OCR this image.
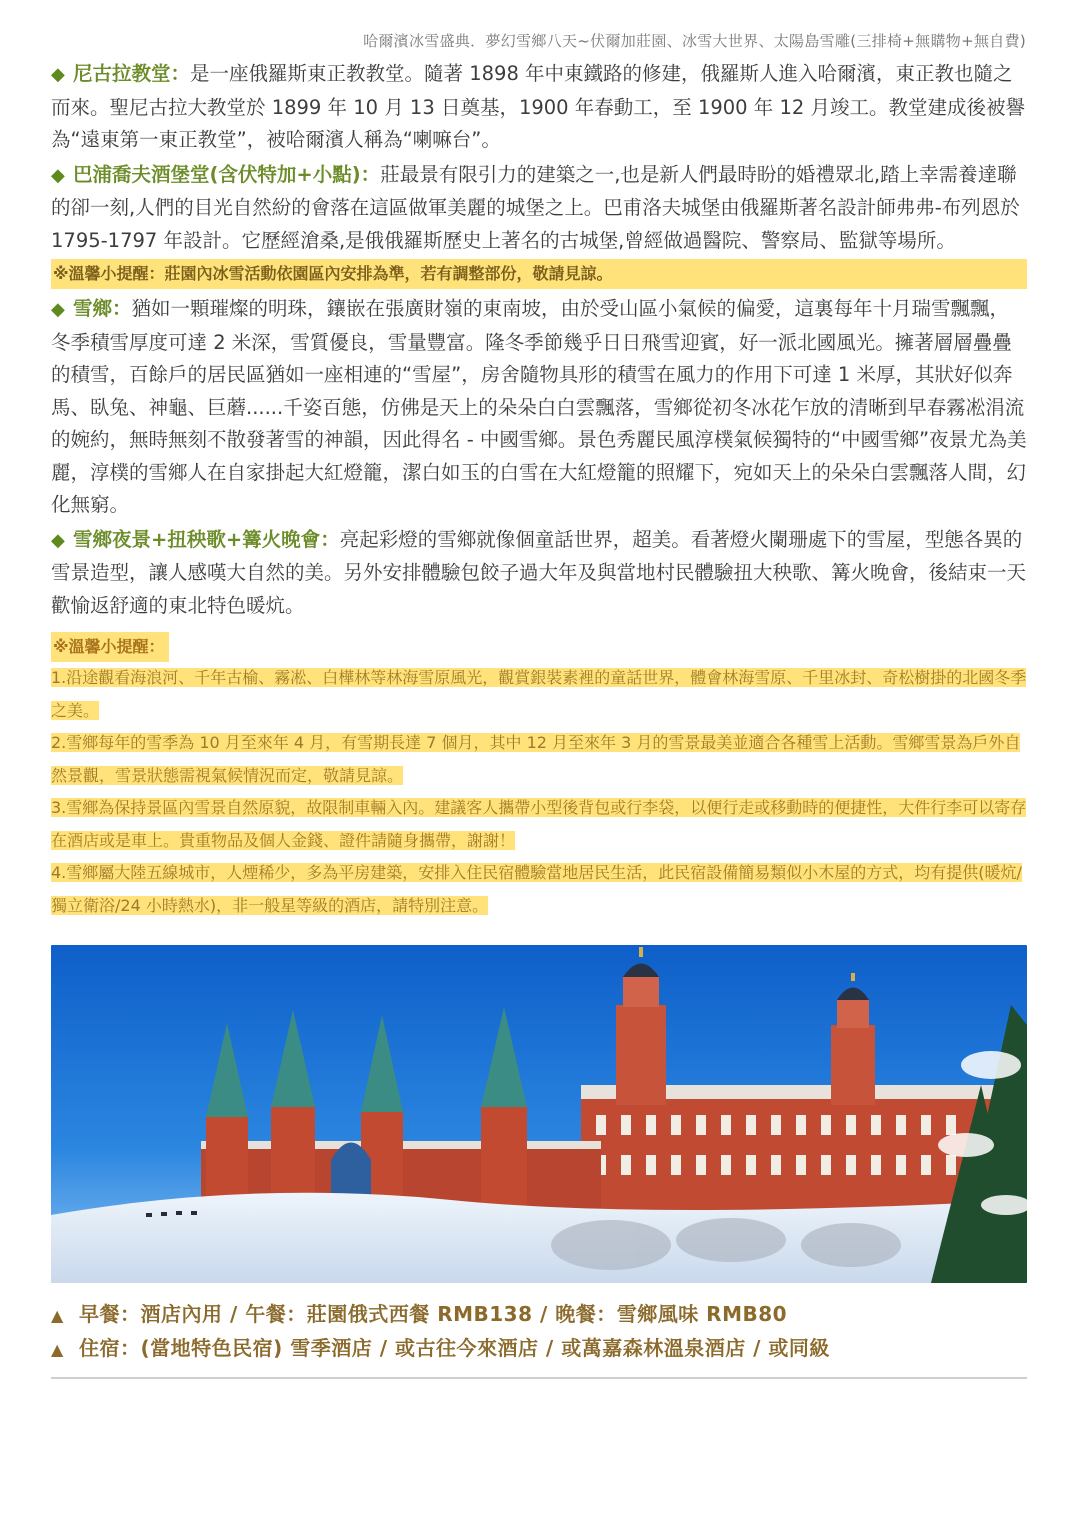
哈爾濱冰雪盛典．夢幻雪鄉八天~伏爾加莊園、冰雪大世界、太陽島雪雕(三排椅+無購物+無自費)
◆ 尼古拉教堂：是一座俄羅斯東正教教堂。隨著 1898 年中東鐵路的修建，俄羅斯人進入哈爾濱，東正教也隨之而來。聖尼古拉大教堂於 1899 年 10 月 13 日奠基，1900 年春動工，至 1900 年 12 月竣工。教堂建成後被譽為“遠東第一東正教堂”，被哈爾濱人稱為“喇嘛台”。
◆ 巴浦喬夫酒堡堂(含伏特加+小點)：莊最景有限引力的建築之一,也是新人們最時盼的婚禮眾北,踏上幸需養達聯的卻一刻,人們的目光自然紛的會落在這區做軍美麗的城堡之上。巴甫洛夫城堡由俄羅斯著名設計師弗弗-布列恩於 1795-1797 年設計。它歷經滄桑,是俄俄羅斯歷史上著名的古城堡,曾經做過醫院、警察局、監獄等場所。
※溫馨小提醒：莊園內冰雪活動依園區內安排為準，若有調整部份，敬請見諒。
◆ 雪鄉：猶如一顆璀燦的明珠，鑲嵌在張廣財嶺的東南坡，由於受山區小氣候的偏愛，這裏每年十月瑞雪飄飄，冬季積雪厚度可達 2 米深，雪質優良，雪量豐富。隆冬季節幾乎日日飛雪迎賓，好一派北國風光。擁著層層疊疊的積雪，百餘戶的居民區猶如一座相連的“雪屋”，房舍隨物具形的積雪在風力的作用下可達 1 米厚，其狀好似奔馬、臥兔、神龜、巨蘑......千姿百態，仿佛是天上的朵朵白白雲飄落，雪鄉從初冬冰花乍放的清晰到早春霧凇涓流的婉約，無時無刻不散發著雪的神韻，因此得名 - 中國雪鄉。景色秀麗民風淳樸氣候獨特的“中國雪鄉”夜景尤為美麗，淳樸的雪鄉人在自家掛起大紅燈籠，潔白如玉的白雪在大紅燈籠的照耀下，宛如天上的朵朵白雲飄落人間，幻化無窮。
◆ 雪鄉夜景+扭秧歌+篝火晚會：亮起彩燈的雪鄉就像個童話世界，超美。看著燈火闌珊處下的雪屋，型態各異的雪景造型，讓人感嘆大自然的美。另外安排體驗包餃子過大年及與當地村民體驗扭大秧歌、篝火晚會，後結束一天歡愉返舒適的東北特色暖炕。
※溫馨小提醒：
1.沿途觀看海浪河、千年古榆、霧凇、白樺林等林海雪原風光，觀賞銀裝素裡的童話世界，體會林海雪原、千里冰封、奇松樹掛的北國冬季之美。
2.雪鄉每年的雪季為 10 月至來年 4 月，有雪期長達 7 個月，其中 12 月至來年 3 月的雪景最美並適合各種雪上活動。雪鄉雪景為戶外自然景觀，雪景狀態需視氣候情況而定，敬請見諒。
3.雪鄉為保持景區內雪景自然原貌，故限制車輛入內。建議客人攜帶小型後背包或行李袋，以便行走或移動時的便捷性，大件行李可以寄存在酒店或是車上。貴重物品及個人金錢、證件請隨身攜帶，謝謝！
4.雪鄉屬大陸五線城市，人煙稀少，多為平房建築，安排入住民宿體驗當地居民生活，此民宿設備簡易類似小木屋的方式，均有提供(暖炕/獨立衛浴/24 小時熱水)，非一般星等級的酒店，請特別注意。
▲ 早餐：酒店內用 / 午餐：莊園俄式西餐 RMB138 / 晚餐：雪鄉風味 RMB80
▲ 住宿：(當地特色民宿) 雪季酒店 / 或古往今來酒店 / 或萬嘉森林溫泉酒店 / 或同級
